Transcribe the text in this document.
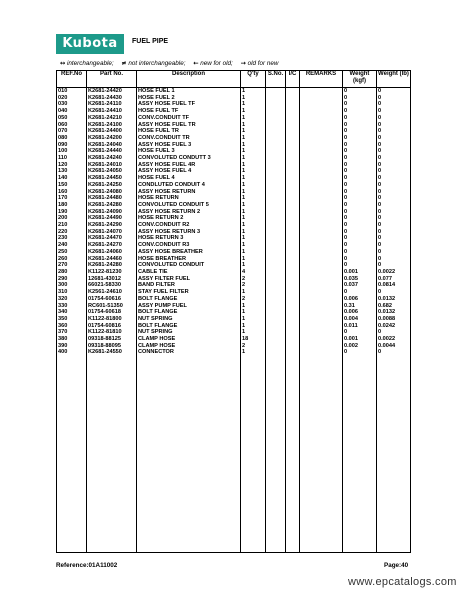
Kubota	FUEL PIPE
↔ interchangeable; ≠ not interchangeable; ← new for old; → old for new
REF.No	Part No.	Description	Q'ty	S.No.	I/C	REMARKS	Weight (kgf)	Weight (lb)
010	K2681-24420	HOSE FUEL 1	1				0	0
020	K2681-24430	HOSE FUEL 2	1				0	0
030	K2681-24110	ASSY HOSE FUEL TF	1				0	0
040	K2681-24410	HOSE FUEL TF	1				0	0
050	K2681-24210	CONV.CONDUIT TF	1				0	0
060	K2681-24100	ASSY HOSE FUEL TR	1				0	0
070	K2681-24400	HOSE FUEL TR	1				0	0
080	K2681-24200	CONV.CONDUIT TR	1				0	0
090	K2681-24040	ASSY HOSE FUEL 3	1				0	0
100	K2681-24440	HOSE FUEL 3	1				0	0
110	K2681-24240	CONVOLUTED CONDUTT 3	1				0	0
120	K2681-24010	ASSY HOSE FUEL 4R	1				0	0
130	K2681-24050	ASSY HOSE FUEL 4	1				0	0
140	K2681-24450	HOSE FUEL 4	1				0	0
150	K2681-24250	CONDLUTED CONDUIT 4	1				0	0
160	K2681-24080	ASSY HOSE RETURN	1				0	0
170	K2681-24480	HOSE RETURN	1				0	0
180	K2681-24280	CONVOLUTED CONDUIT 5	1				0	0
190	K2681-24090	ASSY HOSE RETURN 2	1				0	0
200	K2681-24490	HOSE RETURN 2	1				0	0
210	K2681-24290	CONV.CONDUIT R2	1				0	0
220	K2681-24070	ASSY HOSE RETURN 3	1				0	0
230	K2681-24470	HOSE RETURN 3	1				0	0
240	K2681-24270	CONV.CONDUIT R3	1				0	0
250	K2681-24060	ASSY HOSE BREATHER	1				0	0
260	K2681-24460	HOSE BREATHER	1				0	0
270	K2681-24280	CONVOLUTED CONDUIT	1				0	0
280	K1122-81230	CABLE TIE	4				0.001	0.0022
290	12681-43012	ASSY FILTER FUEL	2				0.035	0.077
300	66021-58330	BAND FILTER	2				0.037	0.0814
310	K2561-24610	STAY FUEL FILTER	1				0	0
320	01754-60616	BOLT FLANGE	2				0.006	0.0132
330	RC601-51350	ASSY PUMP FUEL	1				0.31	0.682
340	01754-60618	BOLT FLANGE	1				0.006	0.0132
350	K1122-81800	NUT SPRING	1				0.004	0.0088
360	01754-60816	BOLT FLANGE	1				0.011	0.0242
370	K1122-81810	NUT SPRING	1				0	0
380	09318-88125	CLAMP HOSE	18				0.001	0.0022
390	09318-88095	CLAMP HOSE	2				0.002	0.0044
400	K2681-24550	CONNECTOR	1				0	0

Reference:01A11002	Page:40
www.epcatalogs.com
